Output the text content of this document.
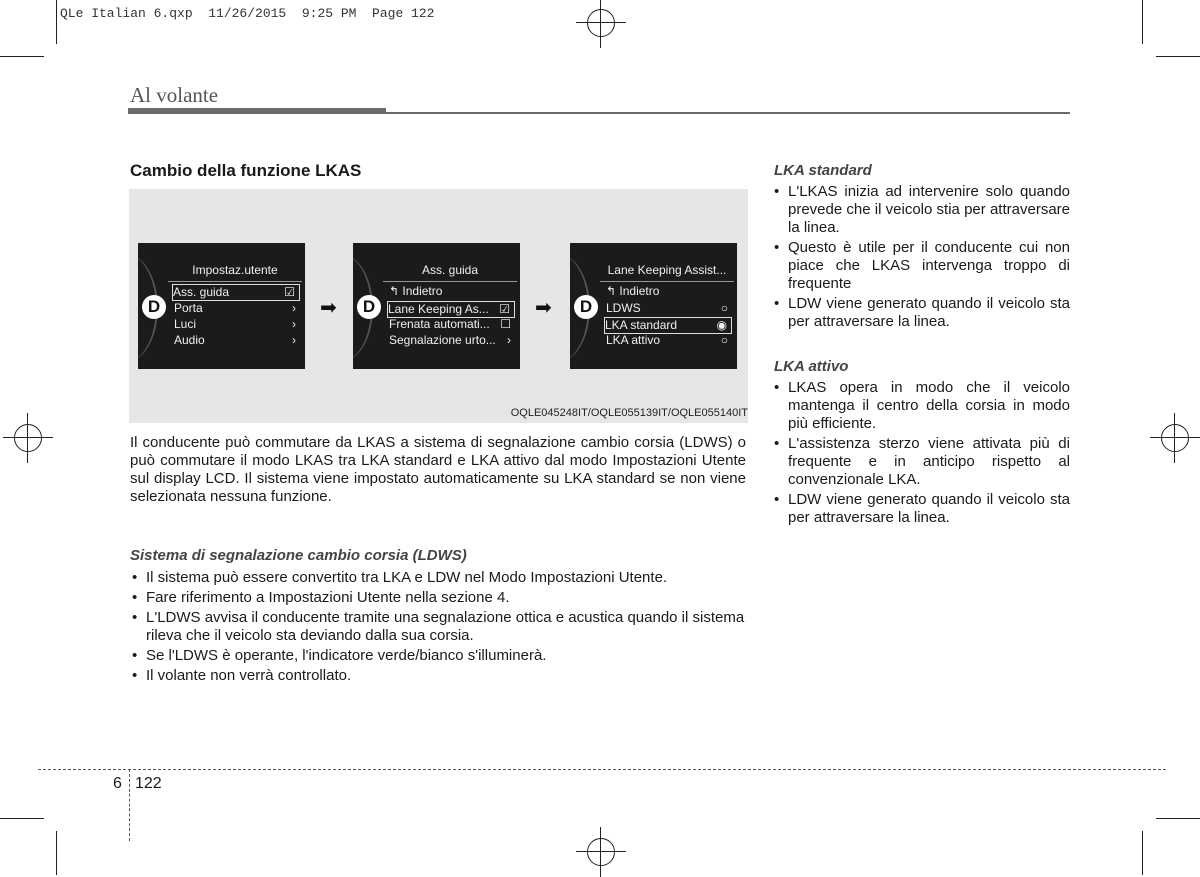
QLe Italian 6.qxp  11/26/2015  9:25 PM  Page 122
Al volante
Cambio della funzione LKAS
D
Impostaz.utente
Ass. guida	☑
Porta	›
Luci	›
Audio	›
➡	D
Ass. guida
↰ Indietro
Lane Keeping As... ☑
Frenata automati... ☐
Segnalazione urto... ›
➡	D
Lane Keeping Assist...
↰ Indietro
LDWS	○
LKA standard	◉
LKA attivo	○
OQLE045248IT/OQLE055139IT/OQLE055140IT
Il conducente può commutare da LKAS a sistema di segnalazione cambio corsia (LDWS) o può commutare il modo LKAS tra LKA standard e LKA attivo dal modo Impostazioni Utente sul display LCD. Il sistema viene impostato automaticamente su LKA standard se non viene selezionata nessuna funzione.
Sistema di segnalazione cambio corsia (LDWS)
• Il sistema può essere convertito tra LKA e LDW nel Modo Impostazioni Utente.
• Fare riferimento a Impostazioni Utente nella sezione 4.
• L'LDWS avvisa il conducente tramite una segnalazione ottica e acustica quando il sistema rileva che il veicolo sta deviando dalla sua corsia.
• Se l'LDWS è operante, l'indicatore verde/bianco s'illuminerà.
• Il volante non verrà controllato.
LKA standard
• L'LKAS inizia ad intervenire solo quando prevede che il veicolo stia per attraversare la linea.
• Questo è utile per il conducente cui non piace che LKAS intervenga troppo di frequente
• LDW viene generato quando il veicolo sta per attraversare la linea.
LKA attivo
• LKAS opera in modo che il veicolo mantenga il centro della corsia in modo più efficiente.
• L'assistenza sterzo viene attivata più di frequente e in anticipo rispetto al convenzionale LKA.
• LDW viene generato quando il veicolo sta per attraversare la linea.
6 122
